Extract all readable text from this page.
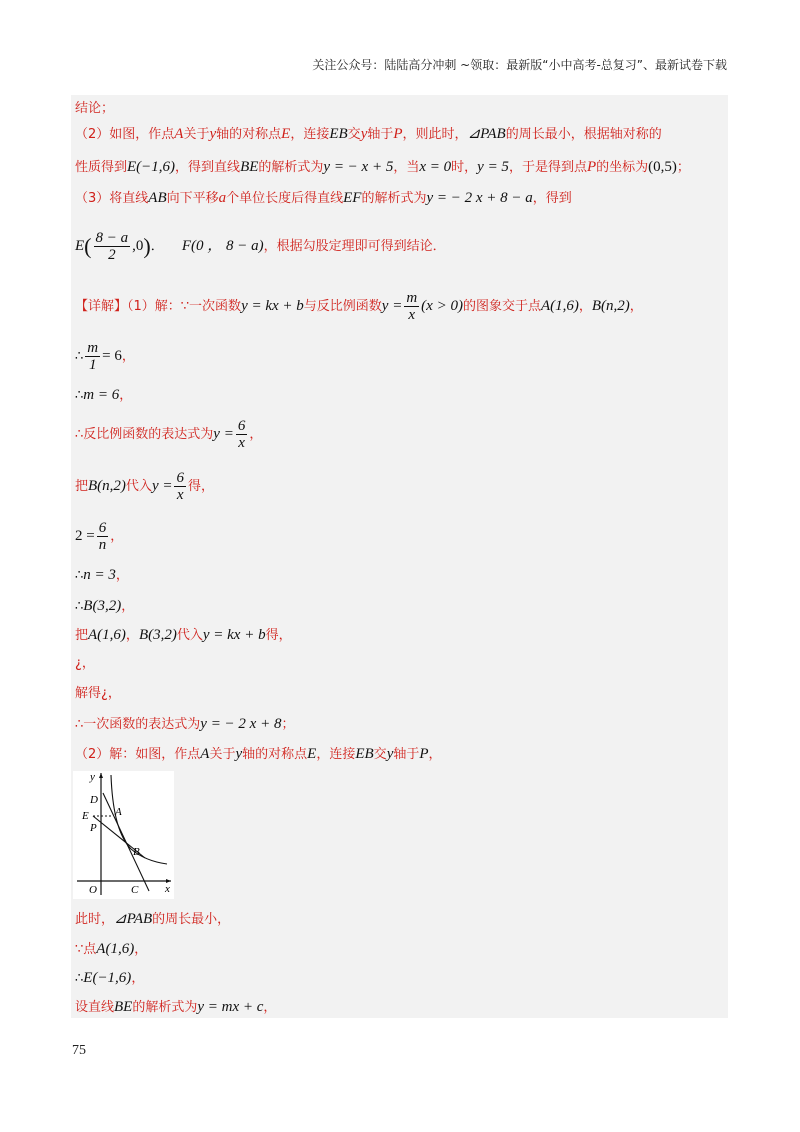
关注公众号：陆陆高分冲刺 ~领取：最新版“小中高考-总复习”、最新试卷下载
结论；
（2）如图，作点A关于y轴的对称点E，连接EB交y轴于P，则此时，⊿PAB的周长最小，根据轴对称的
性质得到E(−1,6)，得到直线BE的解析式为y = − x + 5，当x = 0时，y = 5，于是得到点P的坐标为(0,5)；
（3）将直线AB向下平移a个单位长度后得直线EF的解析式为y = − 2 x + 8 − a，得到
$E( \frac{8 - a}{2} ,0)$． F(0 ， 8 − a)，根据勾股定理即可得到结论．
【详解】（1）解：∵一次函数y = kx + b与反比例函数$y = \frac{m}{x} (x > 0)$的图象交于点A(1,6)，B(n,2)，
∴ $\frac{m}{1} = 6$，
∴m = 6，
∴反比例函数的表达式为$y = \frac{6}{x}$ ，
把B(n,2)代入$y = \frac{6}{x}$ 得，
$2 = \frac{6}{n}$ ，
∴n = 3，
∴B(3,2)，
把A(1,6)，B(3,2)代入y = kx + b得，
¿，
解得¿，
∴一次函数的表达式为y = − 2 x + 8；
（2）解：如图，作点A关于y轴的对称点E，连接EB交y轴于P，
y
x
D
E A
P
B
O	C
此时，⊿PAB的周长最小，
∵点A(1,6)，
∴E(−1,6)，
设直线BE的解析式为y = mx + c，
75
